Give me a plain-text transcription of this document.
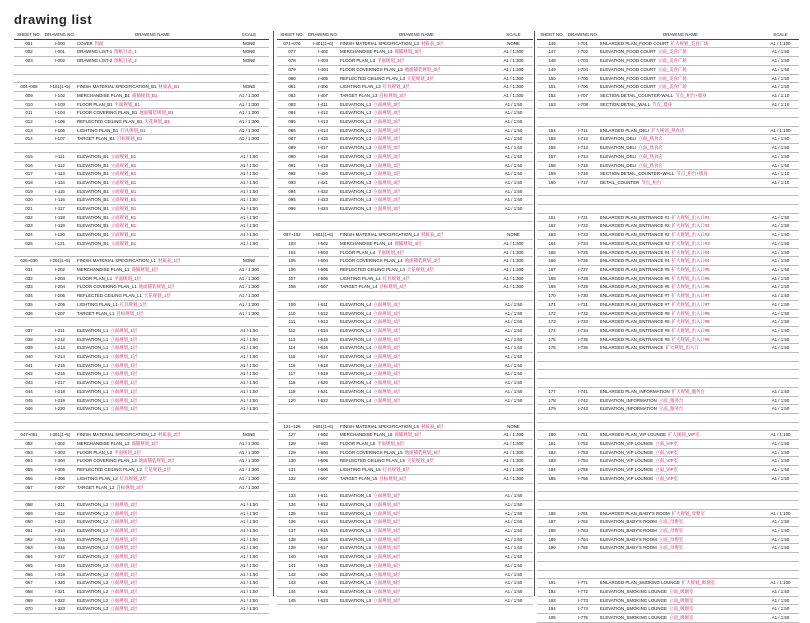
drawing list
SHEET NO.	DRAWING NO.	DRAWING NAME	SCALE
001	I-000	COVER 封面	NONE
002	I-001	DRAWING LIST-1 图纸目录_1	NONE
003	I-002	DRAWING LIST-2 图纸目录_2	NONE

004~008	I-101(1~5)	FINISH MATERIAL SPECIFICATION_B1 材质表_B1	NONE
009	I-102	MERCHANDISE PLAN_B1 商铺规划_B1	A1 / 1:300
010	I-103	FLOOR PLAN_B1 平面规划_B1	A1 / 1:300
011	I-104	FLOOR COVERING PLAN_B1 地面铺装规划_B1	A1 / 1:300
012	I-105	REFLECTED CEILING PLAN_B1 天花规划_B1	A1 / 1:300
013	I-106	LIGHTING PLAN_B1 灯具规划_B1	A1 / 1:300
014	I-107	TARGET PLAN_B1 目标规划_B1	A1 / 1:300

015	I-111	ELEVATION_B1 立面规划_B1	A1 / 1:50
016	I-112	ELEVATION_B1 立面规划_B1	A1 / 1:50
017	I-113	ELEVATION_B1 立面规划_B1	A1 / 1:50
018	I-114	ELEVATION_B1 立面规划_B1	A1 / 1:50
019	I-115	ELEVATION_B1 立面规划_B1	A1 / 1:50
020	I-116	ELEVATION_B1 立面规划_B1	A1 / 1:50
021	I-117	ELEVATION_B1 立面规划_B1	A1 / 1:50
022	I-118	ELEVATION_B1 立面规划_B1	A1 / 1:50
023	I-119	ELEVATION_B1 立面规划_B1	A1 / 1:50
024	I-120	ELEVATION_B1 立面规划_B1	A1 / 1:50
025	I-121	ELEVATION_B1 立面规划_B1	A1 / 1:50

026~030	I-201(1~5)	FINISH MATERIAL SPECIFICATION_L1 材质表_1层	NONE
031	I-202	MERCHANDISE PLAN_L1 商铺规划_1层	A1 / 1:300
032	I-203	FLOOR PLAN_L1 平面规划_1层	A1 / 1:300
033	I-204	FLOOR COVERING PLAN_L1 地面铺装规划_1层	A1 / 1:300
034	I-205	REFLECTED CEILING PLAN_L1 天花规划_1层	A1 / 1:300
035	I-206	LIGHTING PLAN_L1 灯具规划_1层	A1 / 1:300
036	I-207	TARGET PLAN_L1 目标规划_1层	A1 / 1:300

037	I-211	ELEVATION_L1 立面规划_1层	A1 / 1:50
038	I-212	ELEVATION_L1 立面规划_1层	A1 / 1:50
039	I-213	ELEVATION_L1 立面规划_1层	A1 / 1:50
040	I-214	ELEVATION_L1 立面规划_1层	A1 / 1:50
041	I-215	ELEVATION_L1 立面规划_1层	A1 / 1:50
042	I-216	ELEVATION_L1 立面规划_1层	A1 / 1:50
043	I-217	ELEVATION_L1 立面规划_1层	A1 / 1:50
044	I-218	ELEVATION_L1 立面规划_1层	A1 / 1:50
045	I-219	ELEVATION_L1 立面规划_1层	A1 / 1:50
046	I-220	ELEVATION_L1 立面规划_1层	A1 / 1:50

047~051	I-301(1~5)	FINISH MATERIAL SPECIFICATION_L2 材质表_2层	NONE
052	I-302	MERCHANDISE PLAN_L2 商铺规划_2层	A1 / 1:300
053	I-303	FLOOR PLAN_L2 平面规划_2层	A1 / 1:300
054	I-304	FLOOR COVERING PLAN_L2 地面铺装规划_2层	A1 / 1:300
055	I-305	REFLECTED CEILING PLAN_L2 天花规划_2层	A1 / 1:300
056	I-306	LIGHTING PLAN_L2 灯具规划_2层	A1 / 1:300
057	I-307	TARGET PLAN_L2 目标规划_2层	A1 / 1:300

058	I-311	ELEVATION_L2 立面规划_2层	A1 / 1:50
059	I-312	ELEVATION_L2 立面规划_2层	A1 / 1:50
060	I-313	ELEVATION_L2 立面规划_2层	A1 / 1:50
061	I-314	ELEVATION_L2 立面规划_2层	A1 / 1:50
062	I-315	ELEVATION_L2 立面规划_2层	A1 / 1:50
063	I-316	ELEVATION_L2 立面规划_2层	A1 / 1:50
064	I-317	ELEVATION_L2 立面规划_2层	A1 / 1:50
065	I-318	ELEVATION_L2 立面规划_2层	A1 / 1:50
066	I-319	ELEVATION_L2 立面规划_2层	A1 / 1:50
067	I-320	ELEVATION_L2 立面规划_2层	A1 / 1:50
068	I-321	ELEVATION_L2 立面规划_2层	A1 / 1:50
069	I-322	ELEVATION_L2 立面规划_2层	A1 / 1:50
070	I-323	ELEVATION_L2 立面规划_2层	A1 / 1:50
SHEET NO.	DRAWING NO.	DRAWING NAME	SCALE
071~076	I-401(1~6)	FINISH MATERIAL SPECIFICATION_L3 材质表_3层	NONE
077	I-402	MERCHANDISE PLAN_L3 商铺规划_3层	A1 / 1:300
078	I-403	FLOOR PLAN_L3 平面规划_3层	A1 / 1:300
079	I-404	FLOOR COVERINGS PLAN_L3 地面铺装规划_3层	A1 / 1:300
080	I-405	REFLECTED CEILING PLAN_L3 天花规划_3层	A1 / 1:300
081	I-406	LIGHTING PLAN_L3 灯具规划_3层	A1 / 1:300
082	I-407	TARGET PLAN_L3 目标规划_3层	A1 / 1:300
083	I-411	ELEVATION_L3 立面规划_3层	A1 / 1:50
084	I-412	ELEVATION_L3 立面规划_3层	A1 / 1:50
085	I-413	ELEVATION_L3 立面规划_3层	A1 / 1:50
086	I-414	ELEVATION_L3 立面规划_3层	A1 / 1:50
087	I-415	ELEVATION_L3 立面规划_3层	A1 / 1:50
089	I-417	ELEVATION_L3 立面规划_3层	A1 / 1:50
090	I-418	ELEVATION_L3 立面规划_3层	A1 / 1:50
091	I-419	ELEVATION_L3 立面规划_3层	A1 / 1:50
092	I-420	ELEVATION_L3 立面规划_3层	A1 / 1:50
093	I-421	ELEVATION_L3 立面规划_3层	A1 / 1:50
094	I-422	ELEVATION_L3 立面规划_3层	A1 / 1:50
095	I-423	ELEVATION_L3 立面规划_3层	A1 / 1:50
096	I-424	ELEVATION_L3 立面规划_3层	A1 / 1:50

097~102	I-501(1~6)	FINISH MATERIAL SPECIFICATION_L4 材质表_4层	NONE
103	I-502	MERCHANDISE PLAN_L4 商铺规划_4层	A1 / 1:300
104	I-503	FLOOR PLAN_L4 平面规划_4层	A1 / 1:300
105	I-504	FLOOR COVERINGS PLAN_L4 地面铺装规划_4层	A1 / 1:300
106	I-505	REFLECTED CEILING PLAN_L4 天花规划_4层	A1 / 1:300
107	I-506	LIGHTING PLAN_L4 灯具规划_4层	A1 / 1:300
108	I-507	TARGET PLAN_L4 目标规划_4层	A1 / 1:300

109	I-511	ELEVATION_L4 立面规划_4层	A1 / 1:50
110	I-512	ELEVATION_L4 立面规划_4层	A1 / 1:50
111	I-513	ELEVATION_L4 立面规划_4层	A1 / 1:50
112	I-514	ELEVATION_L4 立面规划_4层	A1 / 1:50
113	I-515	ELEVATION_L4 立面规划_4层	A1 / 1:50
114	I-516	ELEVATION_L4 立面规划_4层	A1 / 1:50
115	I-517	ELEVATION_L4 立面规划_4层	A1 / 1:50
116	I-518	ELEVATION_L4 立面规划_4层	A1 / 1:50
117	I-519	ELEVATION_L4 立面规划_4层	A1 / 1:50
118	I-520	ELEVATION_L4 立面规划_4层	A1 / 1:50
119	I-521	ELEVATION_L4 立面规划_4层	A1 / 1:50
120	I-522	ELEVATION_L4 立面规划_4层	A1 / 1:50

121~126	I-601(1~6)	FINISH MATERIAL SPECIFICATION_L5 材质表_5层	NONE
127	I-602	MERCHANDISE PLAN_L5 商铺规划_5层	A1 / 1:300
128	I-603	FLOOR PLAN_L5 平面规划_5层	A1 / 1:300
129	I-604	FLOOR COVERINGS PLAN_L5 地面铺装规划_5层	A1 / 1:300
130	I-605	REFLECTED CEILING PLAN_L5 天花规划_5层	A1 / 1:300
131	I-606	LIGHTING PLAN_L5 灯具规划_5层	A1 / 1:300
132	I-607	TARGET PLAN_L5 目标规划_5层	A1 / 1:300

133	I-611	ELEVATION_L5 立面规划_5层	A1 / 1:50
134	I-612	ELEVATION_L5 立面规划_5层	A1 / 1:50
135	I-613	ELEVATION_L5 立面规划_5层	A1 / 1:50
136	I-614	ELEVATION_L5 立面规划_5层	A1 / 1:50
137	I-615	ELEVATION_L5 立面规划_5层	A1 / 1:50
138	I-616	ELEVATION_L5 立面规划_5层	A1 / 1:50
139	I-617	ELEVATION_L5 立面规划_5层	A1 / 1:50
140	I-618	ELEVATION_L5 立面规划_5层	A1 / 1:50
141	I-619	ELEVATION_L5 立面规划_5层	A1 / 1:50
142	I-620	ELEVATION_L5 立面规划_5层	A1 / 1:50
143	I-621	ELEVATION_L5 立面规划_5层	A1 / 1:50
144	I-622	ELEVATION_L5 立面规划_5层	A1 / 1:50
145	I-623	ELEVATION_L5 立面规划_5层	A1 / 1:50
SHEET NO.	DRAWING NO.	DRAWING NAME	SCALE
146	I-701	ENLARGED PLAN_FOOD COURT 扩大规划_美食广场	A1 / 1:100
147	I-702	ELEVATION_FOOD COURT 立面_美食广场	A1 / 1:50
148	I-703	ELEVATION_FOOD COURT 立面_美食广场	A1 / 1:50
149	I-704	ELEVATION_FOOD COURT 立面_美食广场	A1 / 1:50
150	I-705	ELEVATION_FOOD COURT 立面_美食广场	A1 / 1:50
151	I-706	ELEVATION_FOOD COURT 立面_美食广场	A1 / 1:50
152	I-707	SECTION DETAIL_COUNTER-WALL 节点_柜台+墙身	A1 / 1:10
153	I-708	SECTION DETAIL_WALL 节点_墙身	A1 / 1:10

154	I-711	ENLARGED PLAN_DELI 扩大规划_熟食店	A1 / 1:100
155	I-712	ELEVATION_DELI 立面_熟食店	A1 / 1:50
156	I-713	ELEVATION_DELI 立面_熟食店	A1 / 1:50
157	I-714	ELEVATION_DELI 立面_熟食店	A1 / 1:50
158	I-715	ELEVATION_DELI 立面_熟食店	A1 / 1:50
159	I-716	SECTION DETAIL_COUNTER+WALL 节点_柜台+墙身	A1 / 1:10
160	I-717	DETAIL_COUNTER 节点_柜台	A1 / 1:10

161	I-721	ENLARGED PLAN_ENTRANCE #1 扩大规划_出入口#1	A1 / 1:50
162	I-722	ENLARGED PLAN_ENTRANCE #2 扩大规划_出入口#2	A1 / 1:50
163	I-723	ENLARGED PLAN_ENTRANCE #2 扩大规划_出入口#2	A1 / 1:50
164	I-724	ENLARGED PLAN_ENTRANCE #3 扩大规划_出入口#3	A1 / 1:50
165	I-725	ENLARGED PLAN_ENTRANCE #4 扩大规划_出入口#4	A1 / 1:50
166	I-726	ENLARGED PLAN_ENTRANCE #4 扩大规划_出入口#4	A1 / 1:50
167	I-727	ENLARGED PLAN_ENTRANCE #5 扩大规划_出入口#5	A1 / 1:50
168	I-728	ENLARGED PLAN_ENTRANCE #6 扩大规划_出入口#6	A1 / 1:50
169	I-729	ENLARGED PLAN_ENTRANCE #6 扩大规划_出入口#6	A1 / 1:50
170	I-730	ENLARGED PLAN_ENTRANCE #7 扩大规划_出入口#7	A1 / 1:50
171	I-731	ENLARGED PLAN_ENTRANCE #7 扩大规划_出入口#7	A1 / 1:50
172	I-732	ENLARGED PLAN_ENTRANCE #8 扩大规划_出入口#8	A1 / 1:50
173	I-733	ENLARGED PLAN_ENTRANCE #8 扩大规划_出入口#8	A1 / 1:50
174	I-734	ENLARGED PLAN_ENTRANCE #9 扩大规划_出入口#9	A1 / 1:50
175	I-735	ENLARGED PLAN_ENTRANCE #9 扩大规划_出入口#9	A1 / 1:50
176	I-736	ENLARGED PLAN_ENTRANCE 扩大规划_出入口	A1 / 1:50

177	I-741	ENLARGED PLAN_INFORMATION 扩大规划_服务台	A1 / 1:50
178	I-742	ELEVATION_INFORMATION 立面_服务台	A1 / 1:50
179	I-743	ELEVATION_INFORMATION 立面_服务台	A1 / 1:50

180	I-751	ENLARGED PLAN_VIP LOUNGE 扩大规划_VIP室	A1 / 1:100
181	I-752	ELEVATION_VIP LOUNGE 立面_VIP室	A1 / 1:50
182	I-753	ELEVATION_VIP LOUNGE 立面_VIP室	A1 / 1:50
183	I-754	ELEVATION_VIP LOUNGE 立面_VIP室	A1 / 1:50
184	I-755	ELEVATION_VIP LOUNGE 立面_VIP室	A1 / 1:50
185	I-756	ELEVATION_VIP LOUNGE 立面_VIP室	A1 / 1:50

186	I-761	ENLARGED PLAN_BABY'S ROOM 扩大规划_母婴室	A1 / 1:100
187	I-762	ELEVATION_BABY'S ROOM 立面_母婴室	A1 / 1:50
188	I-763	ELEVATION_BABY'S ROOM 立面_母婴室	A1 / 1:50
189	I-764	ELEVATION_BABY'S ROOM 立面_母婴室	A1 / 1:50
190	I-765	ELEVATION_BABY'S ROOM 立面_母婴室	A1 / 1:50

191	I-771	ENLARGED PLAN_SMOKING LOUNGE 扩大规划_吸烟室	A1 / 1:100
192	I-772	ELEVATION_SMOKING LOUNGE 立面_吸烟室	A1 / 1:50
193	I-773	ELEVATION_SMOKING LOUNGE 立面_吸烟室	A1 / 1:50
194	I-774	ELEVATION_SMOKING LOUNGE 立面_吸烟室	A1 / 1:50
195	I-775	ELEVATION_SMOKING LOUNGE 立面_吸烟室	A1 / 1:50
